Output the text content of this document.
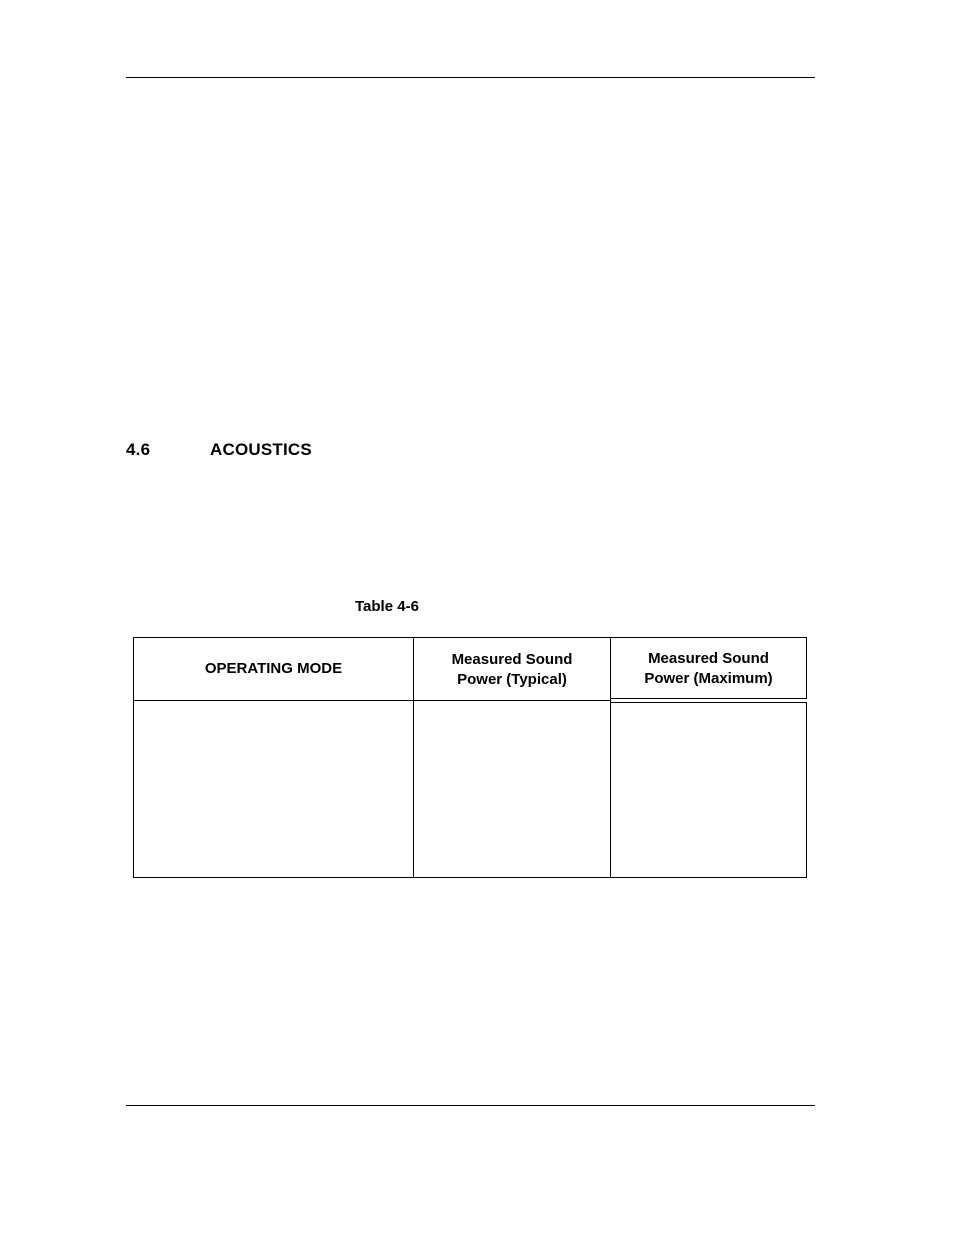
4.6	ACOUSTICS
Table 4-6
OPERATING MODE
Measured Sound
Power (Typical)
Measured Sound
Power (Maximum)
